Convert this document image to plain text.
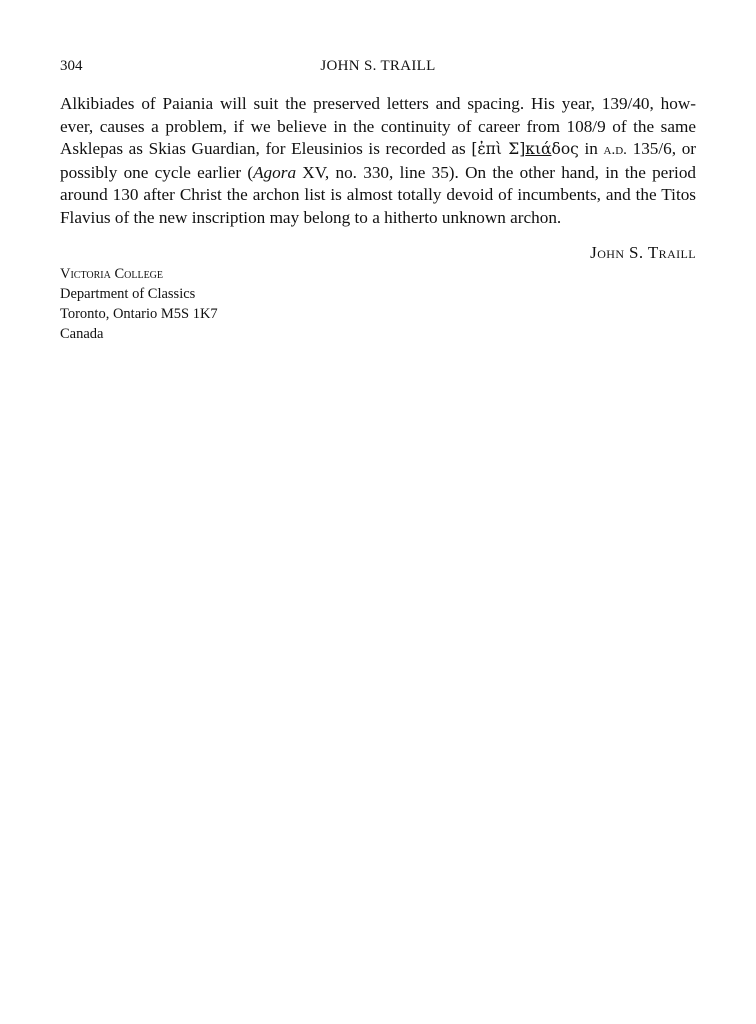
304	JOHN S. TRAILL

Alkibiades of Paiania will suit the preserved letters and spacing. His year, 139/40, how-
ever, causes a problem, if we believe in the continuity of career from 108/9 of the same
Asklepas as Skias Guardian, for Eleusinios is recorded as [ἐπὶ Σ]κιάδος in a.d. 135/6, or
possibly one cycle earlier (Agora XV, no. 330, line 35). On the other hand, in the period
around 130 after Christ the archon list is almost totally devoid of incumbents, and the Titos
Flavius of the new inscription may belong to a hitherto unknown archon.

John S. Traill
Victoria College
Department of Classics
Toronto, Ontario M5S 1K7
Canada
